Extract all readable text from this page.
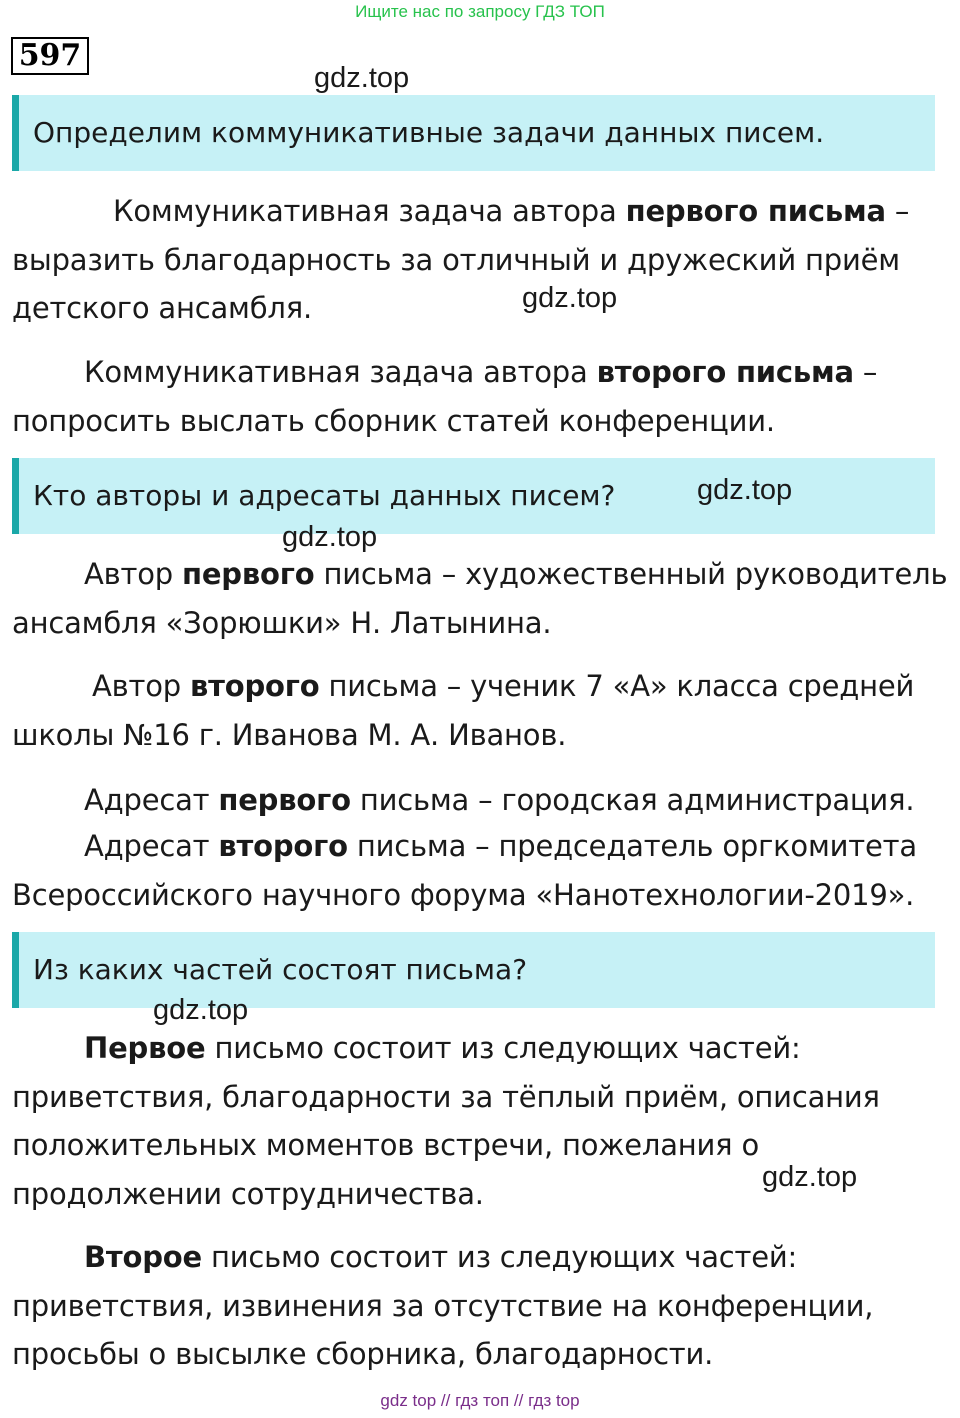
Ищите нас по запросу ГДЗ ТОП
597
Определим коммуникативные задачи данных писем.
Коммуникативная задача автора первого письма –
выразить благодарность за отличный и дружеский приём
детского ансамбля.
Коммуникативная задача автора второго письма –
попросить выслать сборник статей конференции.
Кто авторы и адресаты данных писем?
Автор первого письма – художественный руководитель
ансамбля «Зорюшки» Н. Латынина.
Автор второго письма – ученик 7 «А» класса средней
школы №16 г. Иванова М. А. Иванов.
Адресат первого письма – городская администрация.
Адресат второго письма – председатель оргкомитета
Всероссийского научного форума «Нанотехнологии-2019».
Из каких частей состоят письма?
Первое письмо состоит из следующих частей:
приветствия, благодарности за тёплый приём, описания
положительных моментов встречи, пожелания о
продолжении сотрудничества.
Второе письмо состоит из следующих частей:
приветствия, извинения за отсутствие на конференции,
просьбы о высылке сборника, благодарности.
gdz.top
gdz.top
gdz.top
gdz.top
gdz.top
gdz.top
gdz top // гдз топ // гдз top
